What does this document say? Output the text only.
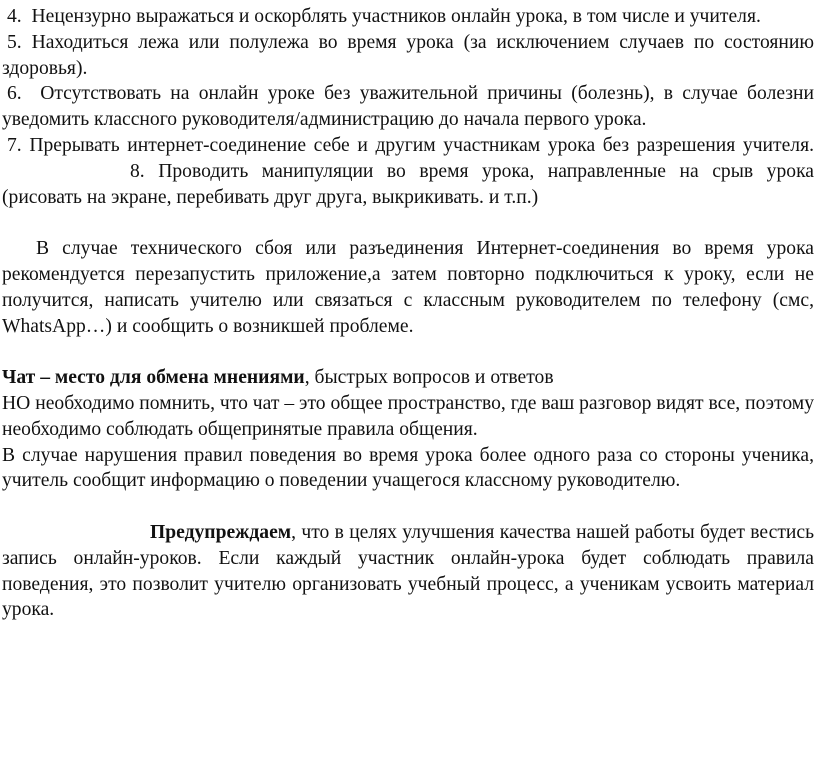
4. Нецензурно выражаться и оскорблять участников онлайн урока, в том числе и учителя.

5. Находиться лежа или полулежа во время урока (за исключением случаев по состоянию здоровья).

6. Отсутствовать на онлайн уроке без уважительной причины (болезнь), в случае болезни уведомить классного руководителя/администрацию до начала первого урока.

7. Прерывать интернет-соединение себе и другим участникам урока без разрешения учителя.8. Проводить манипуляции во время урока, направленные на срыв урока (рисовать на экране, перебивать друг друга, выкрикивать. и т.п.)

В случае технического сбоя или разъединения Интернет-соединения во время урока рекомендуется перезапустить приложение,а затем повторно подключиться к уроку, если не получится, написать учителю или связаться с классным руководителем по телефону (смс, WhatsApp…) и сообщить о возникшей проблеме.

Чат – место для обмена мнениями, быстрых вопросов и ответов

НО необходимо помнить, что чат – это общее пространство, где ваш разговор видят все, поэтому необходимо соблюдать общепринятые правила общения.

В случае нарушения правил поведения во время урока более одного раза со стороны ученика, учитель сообщит информацию о поведении учащегося классному руководителю.

Предупреждаем, что в целях улучшения качества нашей работы будет вестись запись онлайн-уроков. Если каждый участник онлайн-урока будет соблюдать правила поведения, это позволит учителю организовать учебный процесс, а ученикам усвоить материал урока.
